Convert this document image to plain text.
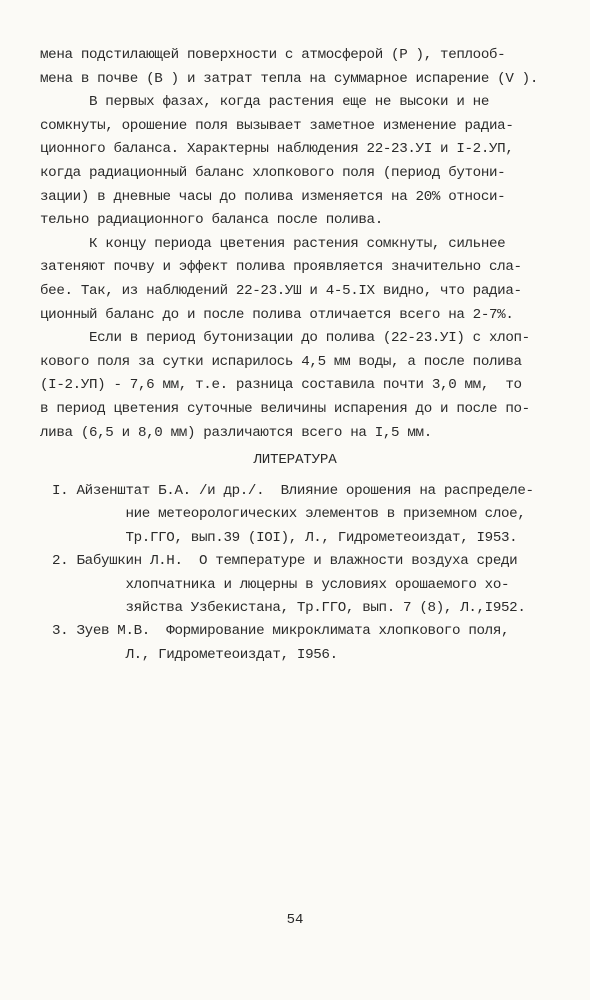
мена подстилающей поверхности с атмосферой (Р ), теплооб-
мена в почве (В ) и затрат тепла на суммарное испарение (V ).
В первых фазах, когда растения еще не высоки и не
сомкнуты, орошение поля вызывает заметное изменение радиа-
ционного баланса. Характерны наблюдения 22-23.УI и I-2.УП,
когда радиационный баланс хлопкового поля (период бутони-
зации) в дневные часы до полива изменяется на 20% относи-
тельно радиационного баланса после полива.
К концу периода цветения растения сомкнуты, сильнее
затеняют почву и эффект полива проявляется значительно сла-
бее. Так, из наблюдений 22-23.УШ и 4-5.IX видно, что радиа-
ционный баланс до и после полива отличается всего на 2-7%.
Если в период бутонизации до полива (22-23.УI) с хлоп-
кового поля за сутки испарилось 4,5 мм воды, а после полива
(I-2.УП) - 7,6 мм, т.е. разница составила почти 3,0 мм,  то
в период цветения суточные величины испарения до и после по-
лива (6,5 и 8,0 мм) различаются всего на I,5 мм.
ЛИТЕРАТУРА
I. Айзенштат Б.А. /и др./.  Влияние орошения на распределе-
ние метеорологических элементов в приземном слое,
Тр.ГГО, вып.39 (IOI), Л., Гидрометеоиздат, I953.
2. Бабушкин Л.Н.  О температуре и влажности воздуха среди
хлопчатника и люцерны в условиях орошаемого хо-
зяйства Узбекистана, Тр.ГГО, вып. 7 (8), Л.,I952.
3. Зуев М.В.  Формирование микроклимата хлопкового поля,
Л., Гидрометеоиздат, I956.
54
